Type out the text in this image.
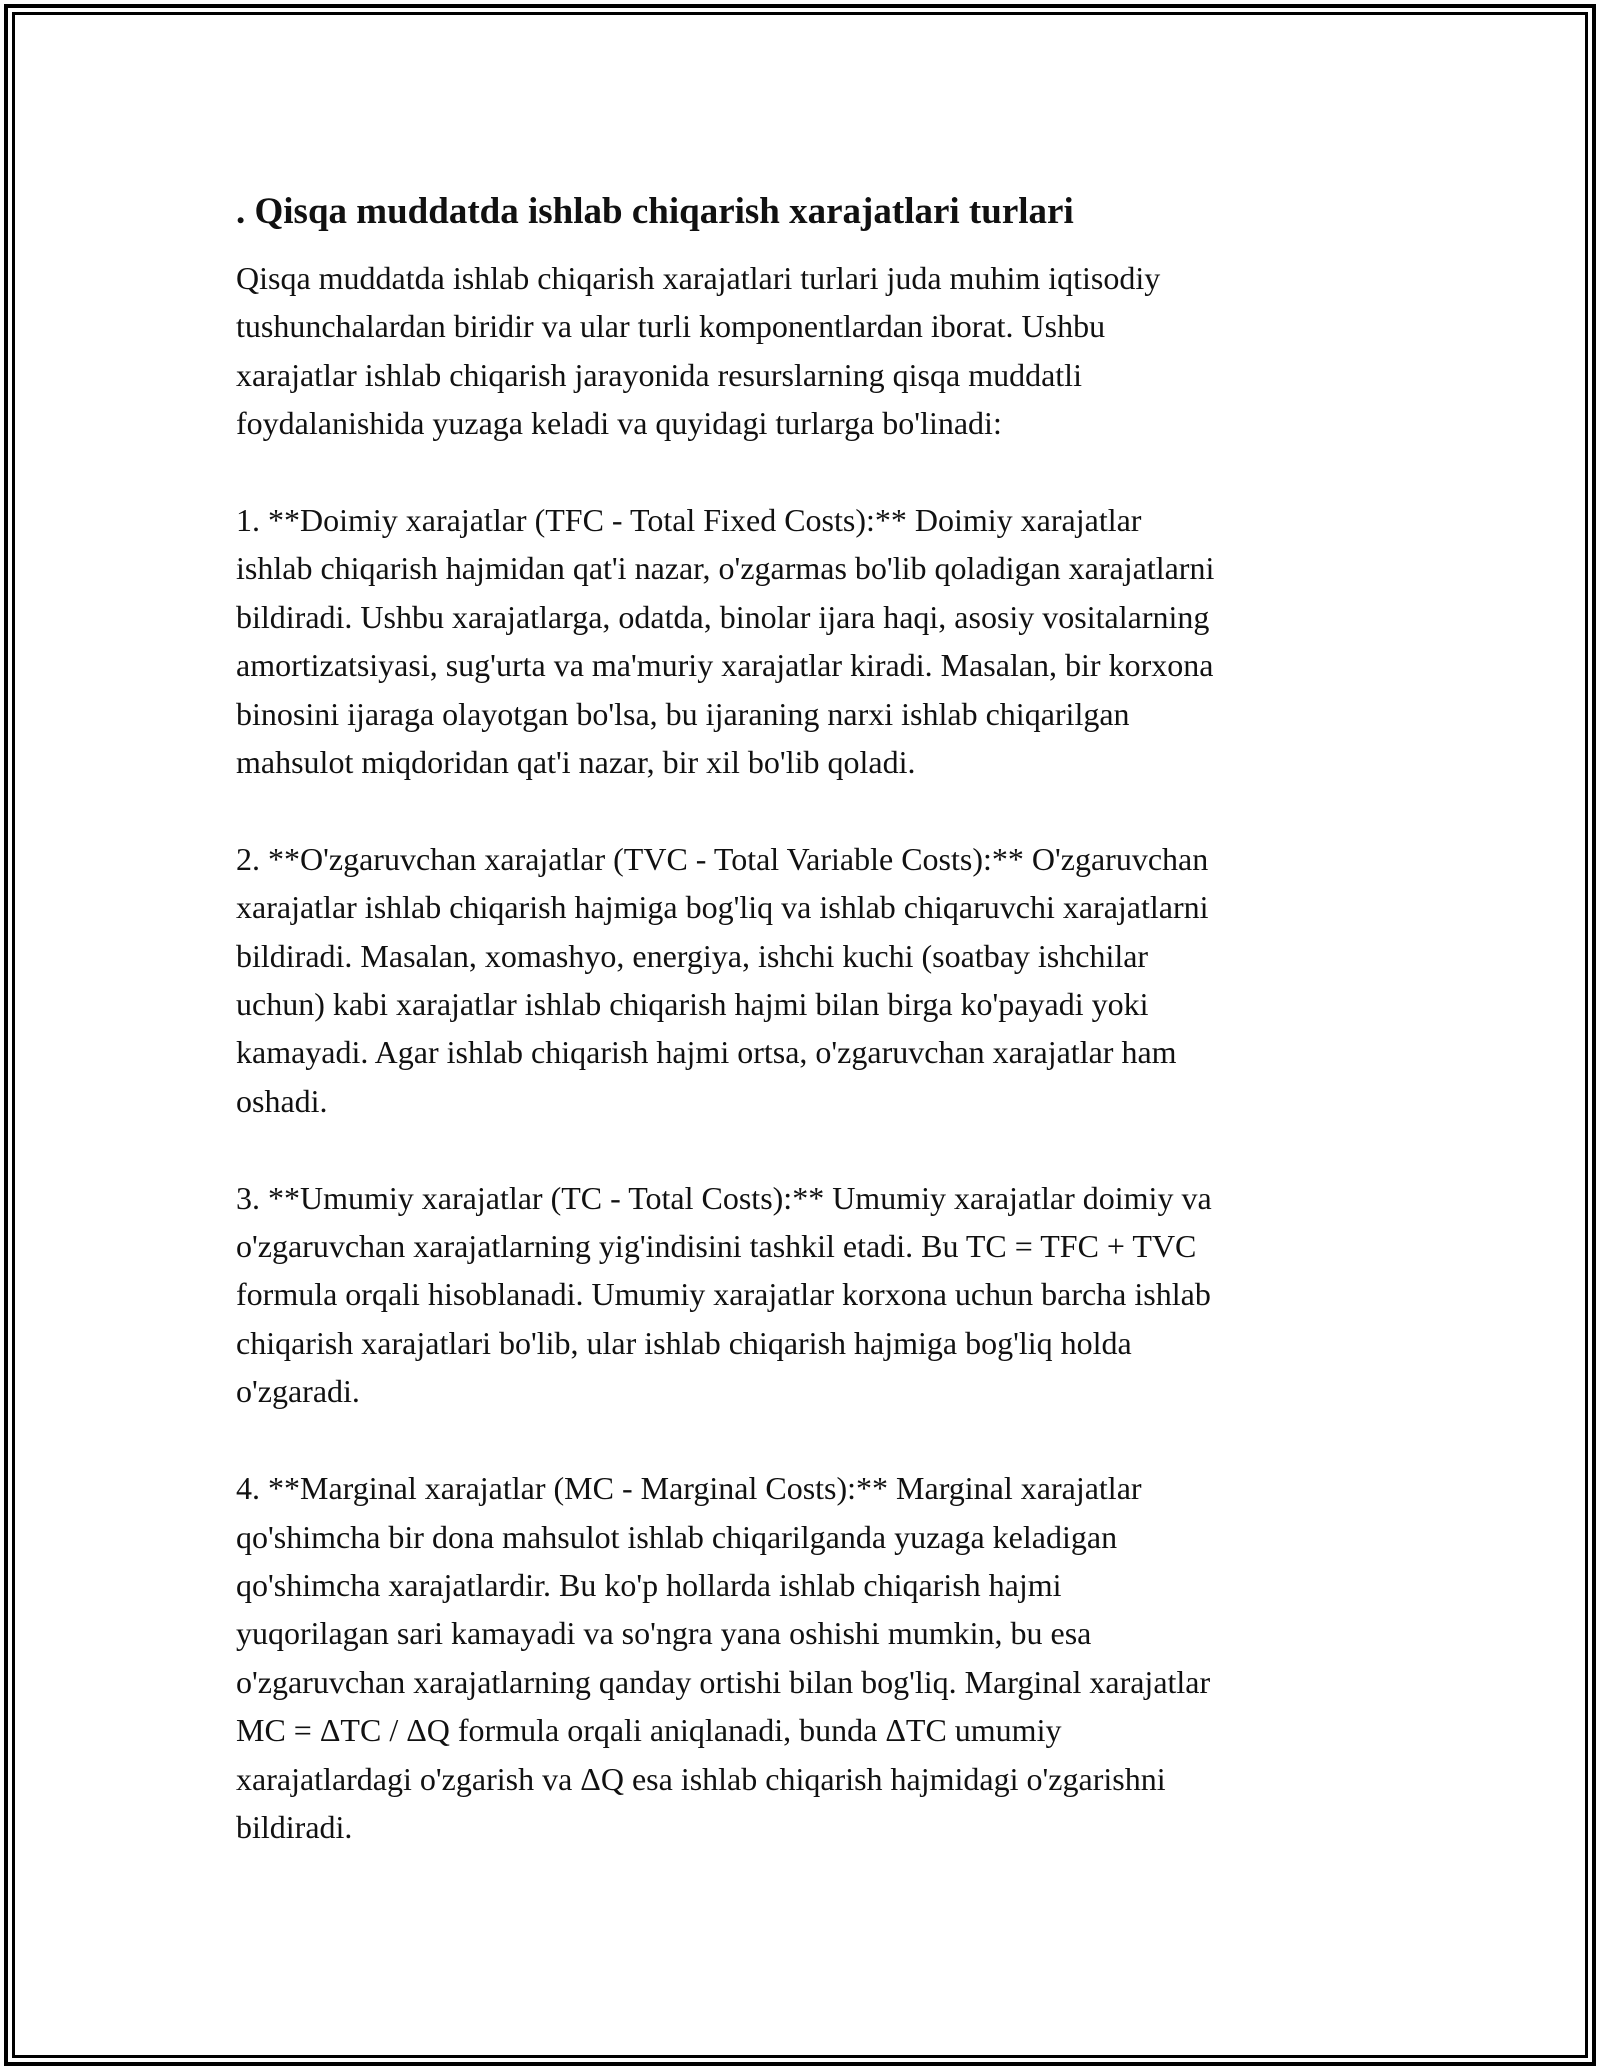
. Qisqa muddatda ishlab chiqarish xarajatlari turlari
Qisqa muddatda ishlab chiqarish xarajatlari turlari juda muhim iqtisodiy
tushunchalardan biridir va ular turli komponentlardan iborat. Ushbu
xarajatlar ishlab chiqarish jarayonida resurslarning qisqa muddatli
foydalanishida yuzaga keladi va quyidagi turlarga bo'linadi:
1. **Doimiy xarajatlar (TFC - Total Fixed Costs):** Doimiy xarajatlar
ishlab chiqarish hajmidan qat'i nazar, o'zgarmas bo'lib qoladigan xarajatlarni
bildiradi. Ushbu xarajatlarga, odatda, binolar ijara haqi, asosiy vositalarning
amortizatsiyasi, sug'urta va ma'muriy xarajatlar kiradi. Masalan, bir korxona
binosini ijaraga olayotgan bo'lsa, bu ijaraning narxi ishlab chiqarilgan
mahsulot miqdoridan qat'i nazar, bir xil bo'lib qoladi.
2. **O'zgaruvchan xarajatlar (TVC - Total Variable Costs):** O'zgaruvchan
xarajatlar ishlab chiqarish hajmiga bog'liq va ishlab chiqaruvchi xarajatlarni
bildiradi. Masalan, xomashyo, energiya, ishchi kuchi (soatbay ishchilar
uchun) kabi xarajatlar ishlab chiqarish hajmi bilan birga ko'payadi yoki
kamayadi. Agar ishlab chiqarish hajmi ortsa, o'zgaruvchan xarajatlar ham
oshadi.
3. **Umumiy xarajatlar (TC - Total Costs):** Umumiy xarajatlar doimiy va
o'zgaruvchan xarajatlarning yig'indisini tashkil etadi. Bu TC = TFC + TVC
formula orqali hisoblanadi. Umumiy xarajatlar korxona uchun barcha ishlab
chiqarish xarajatlari bo'lib, ular ishlab chiqarish hajmiga bog'liq holda
o'zgaradi.
4. **Marginal xarajatlar (MC - Marginal Costs):** Marginal xarajatlar
qo'shimcha bir dona mahsulot ishlab chiqarilganda yuzaga keladigan
qo'shimcha xarajatlardir. Bu ko'p hollarda ishlab chiqarish hajmi
yuqorilagan sari kamayadi va so'ngra yana oshishi mumkin, bu esa
o'zgaruvchan xarajatlarning qanday ortishi bilan bog'liq. Marginal xarajatlar
MC = ΔTC / ΔQ formula orqali aniqlanadi, bunda ΔTC umumiy
xarajatlardagi o'zgarish va ΔQ esa ishlab chiqarish hajmidagi o'zgarishni
bildiradi.
